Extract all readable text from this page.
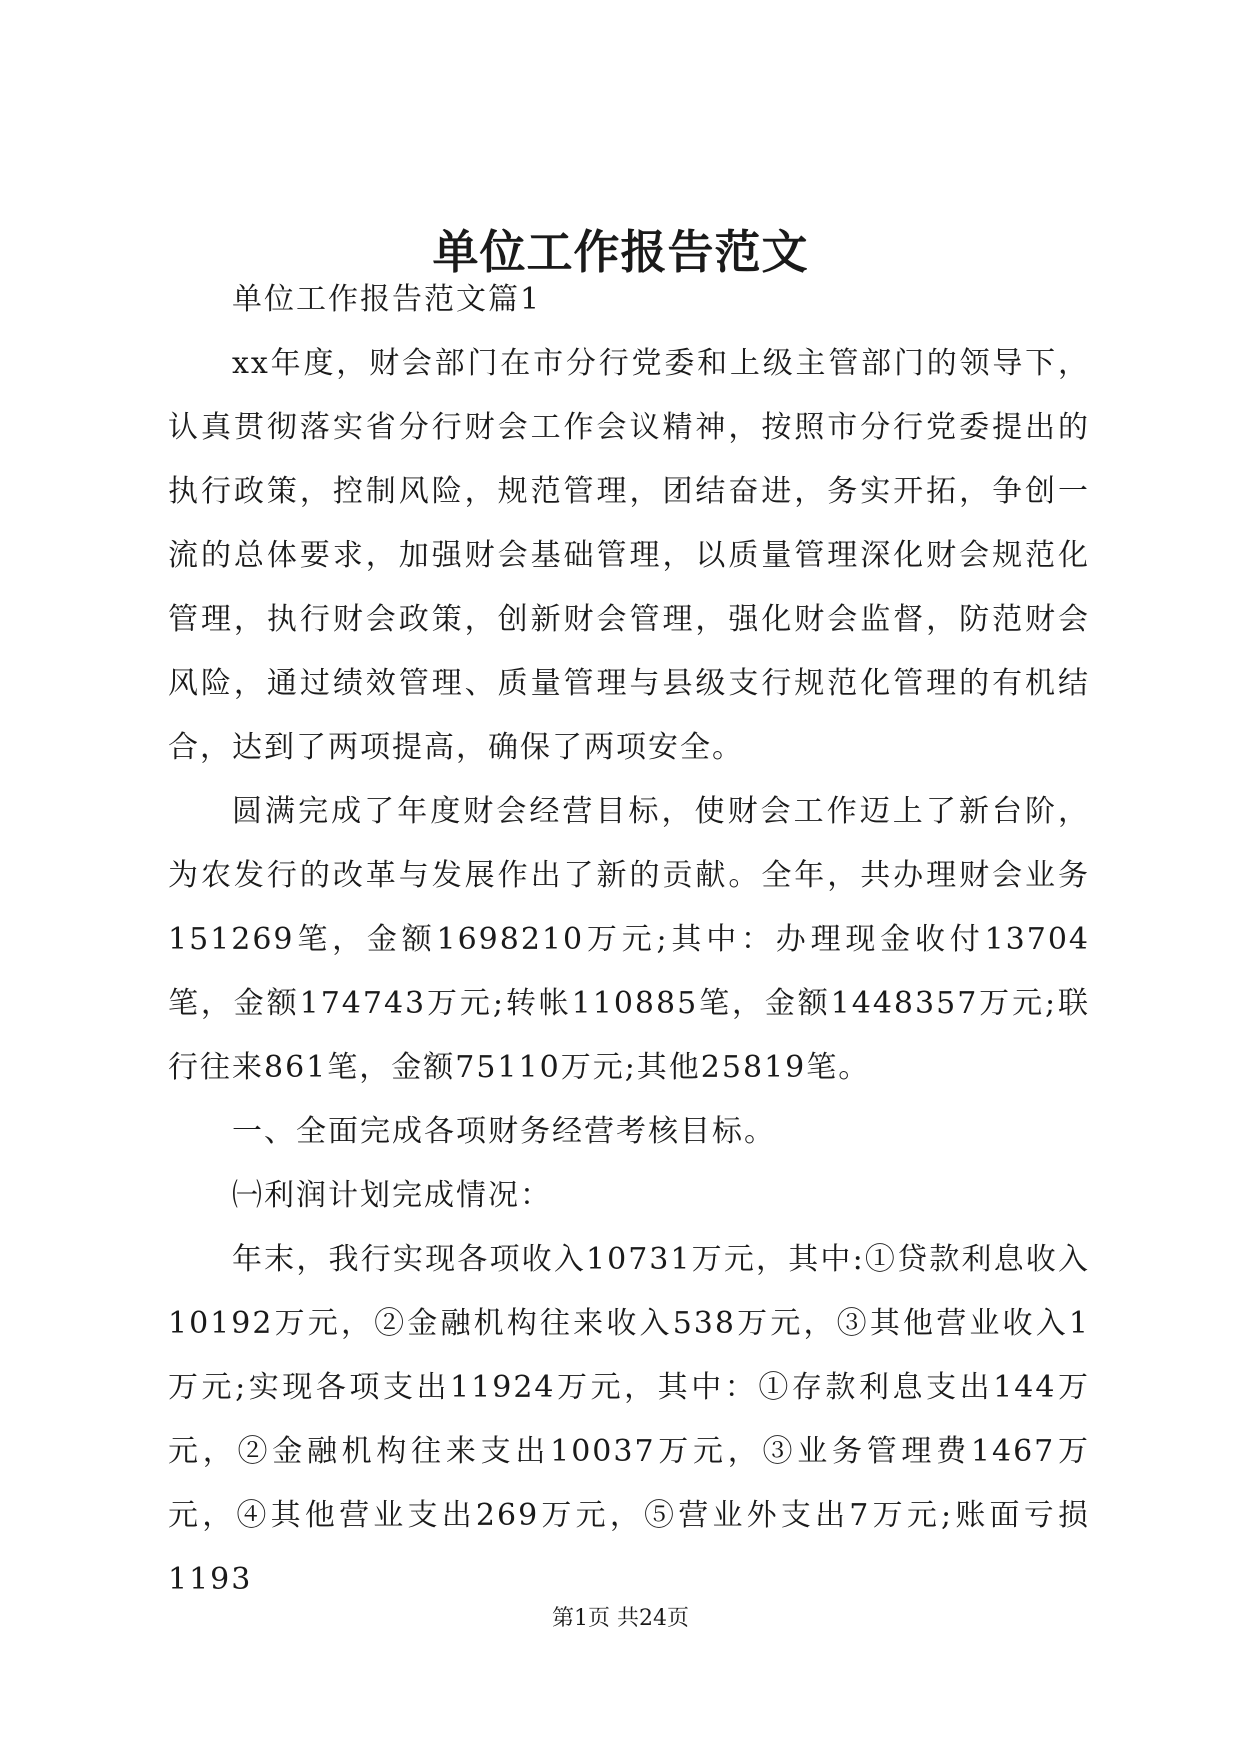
单位工作报告范文

单位工作报告范文篇1

xx年度，财会部门在市分行党委和上级主管部门的领导下，认真贯彻落实省分行财会工作会议精神，按照市分行党委提出的执行政策，控制风险，规范管理，团结奋进，务实开拓，争创一流的总体要求，加强财会基础管理，以质量管理深化财会规范化管理，执行财会政策，创新财会管理，强化财会监督，防范财会风险，通过绩效管理、质量管理与县级支行规范化管理的有机结合，达到了两项提高，确保了两项安全。

圆满完成了年度财会经营目标，使财会工作迈上了新台阶，为农发行的改革与发展作出了新的贡献。全年，共办理财会业务151269笔，金额1698210万元;其中：办理现金收付13704笔，金额174743万元;转帐110885笔，金额1448357万元;联行往来861笔，金额75110万元;其他25819笔。

一、全面完成各项财务经营考核目标。

㈠利润计划完成情况：

年末，我行实现各项收入10731万元，其中:①贷款利息收入10192万元，②金融机构往来收入538万元，③其他营业收入1万元;实现各项支出11924万元，其中：①存款利息支出144万元，②金融机构往来支出10037万元，③业务管理费1467万元，④其他营业支出269万元，⑤营业外支出7万元;账面亏损1193

第1页 共24页
